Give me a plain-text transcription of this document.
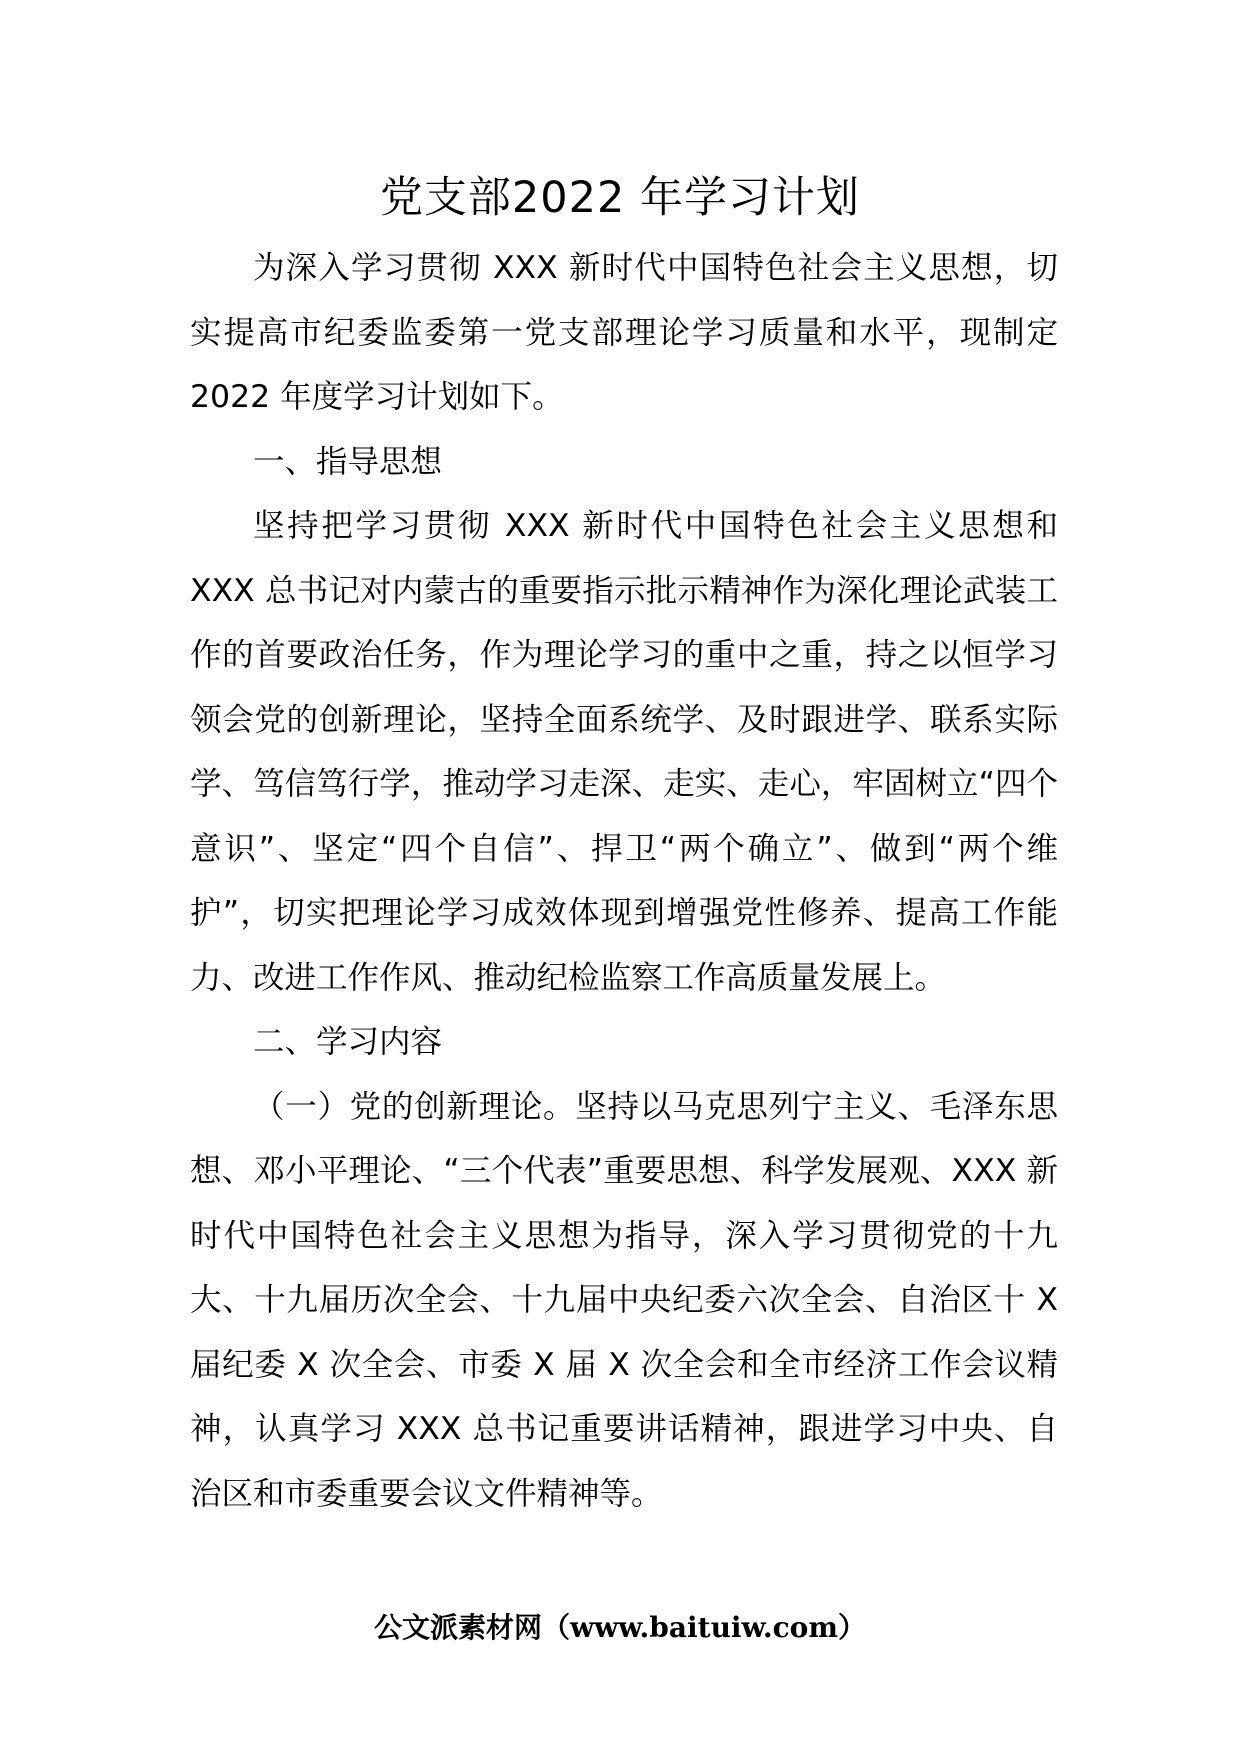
党支部2022 年学习计划

为深入学习贯彻 XXX 新时代中国特色社会主义思想，切实提高市纪委监委第一党支部理论学习质量和水平，现制定 2022 年度学习计划如下。

一、指导思想

坚持把学习贯彻 XXX 新时代中国特色社会主义思想和 XXX 总书记对内蒙古的重要指示批示精神作为深化理论武装工作的首要政治任务，作为理论学习的重中之重，持之以恒学习领会党的创新理论，坚持全面系统学、及时跟进学、联系实际学、笃信笃行学，推动学习走深、走实、走心，牢固树立“四个意识”、坚定“四个自信”、捍卫“两个确立”、做到“两个维护”，切实把理论学习成效体现到增强党性修养、提高工作能力、改进工作作风、推动纪检监察工作高质量发展上。

二、学习内容

（一）党的创新理论。坚持以马克思列宁主义、毛泽东思想、邓小平理论、“三个代表”重要思想、科学发展观、XXX 新时代中国特色社会主义思想为指导，深入学习贯彻党的十九大、十九届历次全会、十九届中央纪委六次全会、自治区十 X 届纪委 X 次全会、市委 X 届 X 次全会和全市经济工作会议精神，认真学习 XXX 总书记重要讲话精神，跟进学习中央、自治区和市委重要会议文件精神等。

公文派素材网（www.baituiw.com）
